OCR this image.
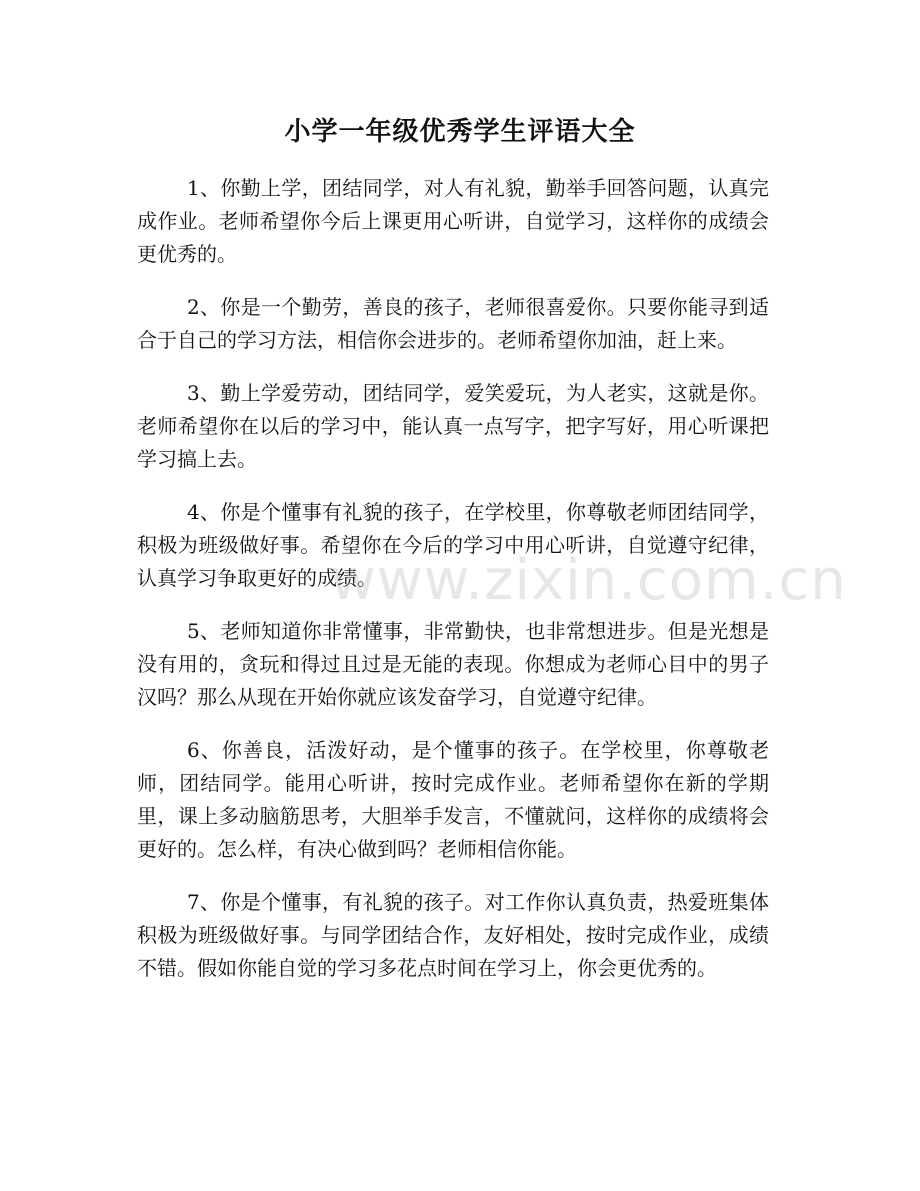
小学一年级优秀学生评语大全

1、你勤上学，团结同学，对人有礼貌，勤举手回答问题，认真完成作业。老师希望你今后上课更用心听讲，自觉学习，这样你的成绩会更优秀的。

2、你是一个勤劳，善良的孩子，老师很喜爱你。只要你能寻到适合于自己的学习方法，相信你会进步的。老师希望你加油，赶上来。

3、勤上学爱劳动，团结同学，爱笑爱玩，为人老实，这就是你。老师希望你在以后的学习中，能认真一点写字，把字写好，用心听课把学习搞上去。

4、你是个懂事有礼貌的孩子，在学校里，你尊敬老师团结同学，积极为班级做好事。希望你在今后的学习中用心听讲，自觉遵守纪律，认真学习争取更好的成绩。

5、老师知道你非常懂事，非常勤快，也非常想进步。但是光想是没有用的，贪玩和得过且过是无能的表现。你想成为老师心目中的男子汉吗？那么从现在开始你就应该发奋学习，自觉遵守纪律。

6、你善良，活泼好动，是个懂事的孩子。在学校里，你尊敬老师，团结同学。能用心听讲，按时完成作业。老师希望你在新的学期里，课上多动脑筋思考，大胆举手发言，不懂就问，这样你的成绩将会更好的。怎么样，有决心做到吗？老师相信你能。

7、你是个懂事，有礼貌的孩子。对工作你认真负责，热爱班集体积极为班级做好事。与同学团结合作，友好相处，按时完成作业，成绩不错。假如你能自觉的学习多花点时间在学习上，你会更优秀的。

www.zixin.com.cn
